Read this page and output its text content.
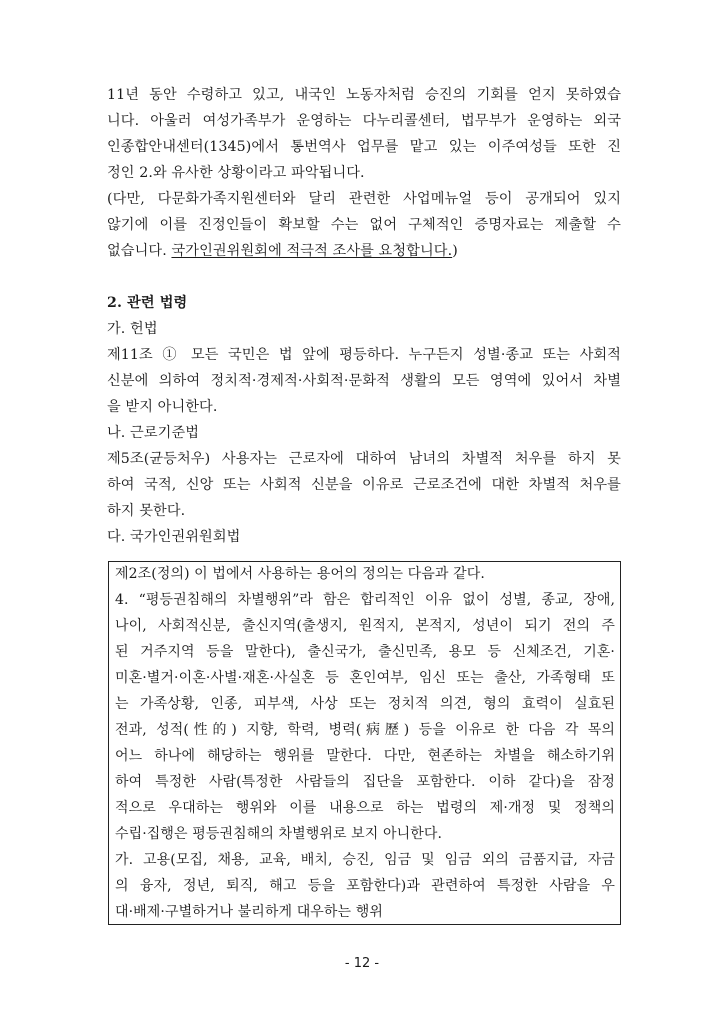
11년 동안 수령하고 있고, 내국인 노동자처럼 승진의 기회를 얻지 못하였습
니다. 아울러 여성가족부가 운영하는 다누리콜센터, 법무부가 운영하는 외국
인종합안내센터(1345)에서 통번역사 업무를 맡고 있는 이주여성들 또한 진
정인 2.와 유사한 상황이라고 파악됩니다.
(다만, 다문화가족지원센터와 달리 관련한 사업메뉴얼 등이 공개되어 있지
않기에 이를 진정인들이 확보할 수는 없어 구체적인 증명자료는 제출할 수
없습니다. 국가인권위원회에 적극적 조사를 요청합니다.)
2. 관련 법령
가. 헌법
제11조 ① 모든 국민은 법 앞에 평등하다. 누구든지 성별·종교 또는 사회적
신분에 의하여 정치적·경제적·사회적·문화적 생활의 모든 영역에 있어서 차별
을 받지 아니한다.
나. 근로기준법
제5조(균등처우) 사용자는 근로자에 대하여 남녀의 차별적 처우를 하지 못
하여 국적, 신앙 또는 사회적 신분을 이유로 근로조건에 대한 차별적 처우를
하지 못한다.
다. 국가인권위원회법
제2조(정의) 이 법에서 사용하는 용어의 정의는 다음과 같다.
4. “평등권침해의 차별행위”라 함은 합리적인 이유 없이 성별, 종교, 장애,
나이, 사회적신분, 출신지역(출생지, 원적지, 본적지, 성년이 되기 전의 주
된 거주지역 등을 말한다), 출신국가, 출신민족, 용모 등 신체조건, 기혼·
미혼·별거·이혼·사별·재혼·사실혼 등 혼인여부, 임신 또는 출산, 가족형태 또
는 가족상황, 인종, 피부색, 사상 또는 정치적 의견, 형의 효력이 실효된
전과, 성적(性的) 지향, 학력, 병력(病歷) 등을 이유로 한 다음 각 목의
어느 하나에 해당하는 행위를 말한다. 다만, 현존하는 차별을 해소하기위
하여 특정한 사람(특정한 사람들의 집단을 포함한다. 이하 같다)을 잠정
적으로 우대하는 행위와 이를 내용으로 하는 법령의 제·개정 및 정책의
수립·집행은 평등권침해의 차별행위로 보지 아니한다.
가. 고용(모집, 채용, 교육, 배치, 승진, 임금 및 임금 외의 금품지급, 자금
의 융자, 정년, 퇴직, 해고 등을 포함한다)과 관련하여 특정한 사람을 우
대·배제·구별하거나 불리하게 대우하는 행위
- 12 -
